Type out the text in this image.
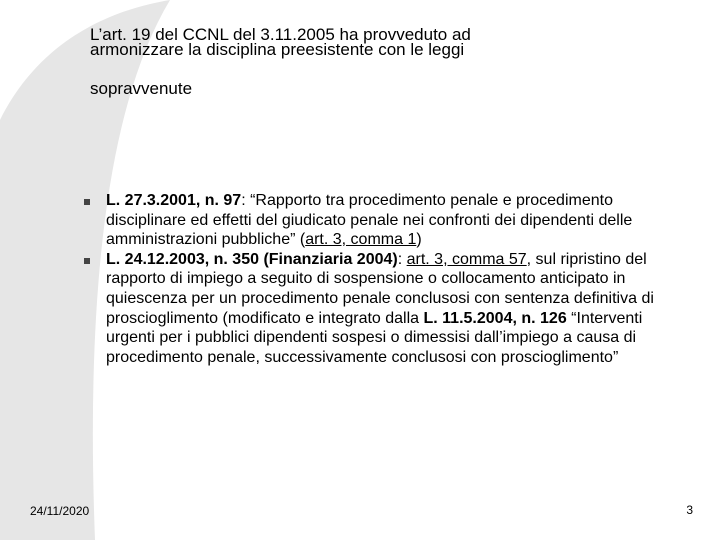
L’art. 19 del CCNL del 3.11.2005 ha provveduto ad
armonizzare la disciplina preesistente con le leggi
sopravvenute
L. 27.3.2001, n. 97: “Rapporto tra procedimento penale e procedimento disciplinare ed effetti del giudicato penale nei confronti dei dipendenti delle amministrazioni pubbliche” (art. 3, comma 1)
L. 24.12.2003, n. 350 (Finanziaria 2004): art. 3, comma 57, sul ripristino del rapporto di impiego a seguito di sospensione o collocamento anticipato in quiescenza per un procedimento penale conclusosi con sentenza definitiva di proscioglimento (modificato e integrato dalla L. 11.5.2004, n. 126 “Interventi urgenti per i pubblici dipendenti sospesi o dimessisi dall’impiego a causa di procedimento penale, successivamente conclusosi con proscioglimento”
24/11/2020	3
